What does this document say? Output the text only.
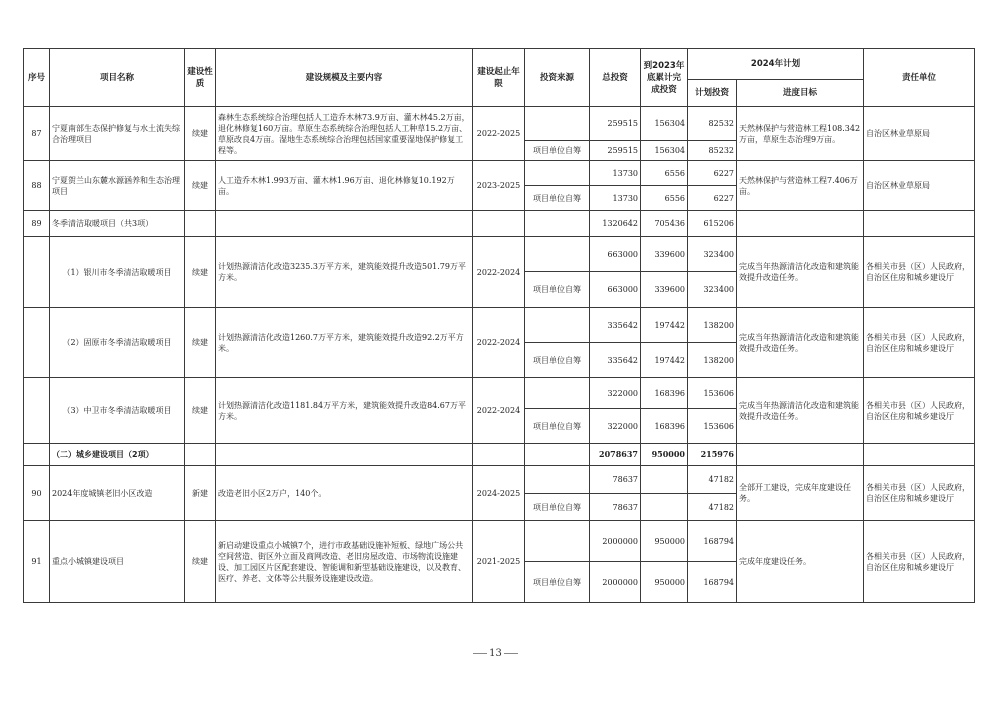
序号	项目名称	建设性质	建设规模及主要内容	建设起止年限	投资来源	总投资	到2023年底累计完成投资	2024年计划		责任单位
								计划投资	进度目标	
87	宁夏南部生态保护修复与水土流失综合治理项目	续建	森林生态系统综合治理包括人工造乔木林73.9万亩、灌木林45.2万亩，退化林修复160万亩。草原生态系统综合治理包括人工种草15.2万亩、草原改良4万亩。湿地生态系统综合治理包括国家重要湿地保护修复工程等。	2022-2025		259515	156304	82532	天然林保护与营造林工程108.342万亩，草原生态治理9万亩。	自治区林业草原局
					项目单位自筹	259515	156304	85232		
88	宁夏贺兰山东麓水源涵养和生态治理项目	续建	人工造乔木林1.993万亩、灌木林1.96万亩、退化林修复10.192万亩。	2023-2025		13730	6556	6227	天然林保护与营造林工程7.406万亩。	自治区林业草原局
					项目单位自筹	13730	6556	6227		
89	冬季清洁取暖项目（共3项）					1320642	705436	615206		
	（1）银川市冬季清洁取暖项目	续建	计划热源清洁化改造3235.3万平方米，建筑能效提升改造501.79万平方米。	2022-2024		663000	339600	323400	完成当年热源清洁化改造和建筑能效提升改造任务。	各相关市县（区）人民政府，自治区住房和城乡建设厅
					项目单位自筹	663000	339600	323400		
	（2）固原市冬季清洁取暖项目	续建	计划热源清洁化改造1260.7万平方米，建筑能效提升改造92.2万平方米。	2022-2024		335642	197442	138200	完成当年热源清洁化改造和建筑能效提升改造任务。	各相关市县（区）人民政府，自治区住房和城乡建设厅
					项目单位自筹	335642	197442	138200		
	（3）中卫市冬季清洁取暖项目	续建	计划热源清洁化改造1181.84万平方米，建筑能效提升改造84.67万平方米。	2022-2024		322000	168396	153606	完成当年热源清洁化改造和建筑能效提升改造任务。	各相关市县（区）人民政府，自治区住房和城乡建设厅
					项目单位自筹	322000	168396	153606		
	（二）城乡建设项目（2项）					2078637	950000	215976		
90	2024年度城镇老旧小区改造	新建	改造老旧小区2万户，140个。	2024-2025		78637		47182	全部开工建设，完成年度建设任务。	各相关市县（区）人民政府，自治区住房和城乡建设厅
					项目单位自筹	78637		47182		
91	重点小城镇建设项目	续建	新启动建设重点小城镇7个，进行市政基础设施补短板、绿地广场公共空间营造、街区外立面及商网改造、老旧房屋改造、市场物流设施建设、加工园区片区配套建设、智能调和新型基础设施建设，以及教育、医疗、养老、文体等公共服务设施建设改造。	2021-2025		2000000	950000	168794	完成年度建设任务。	各相关市县（区）人民政府，自治区住房和城乡建设厅
					项目单位自筹	2000000	950000	168794		
13
